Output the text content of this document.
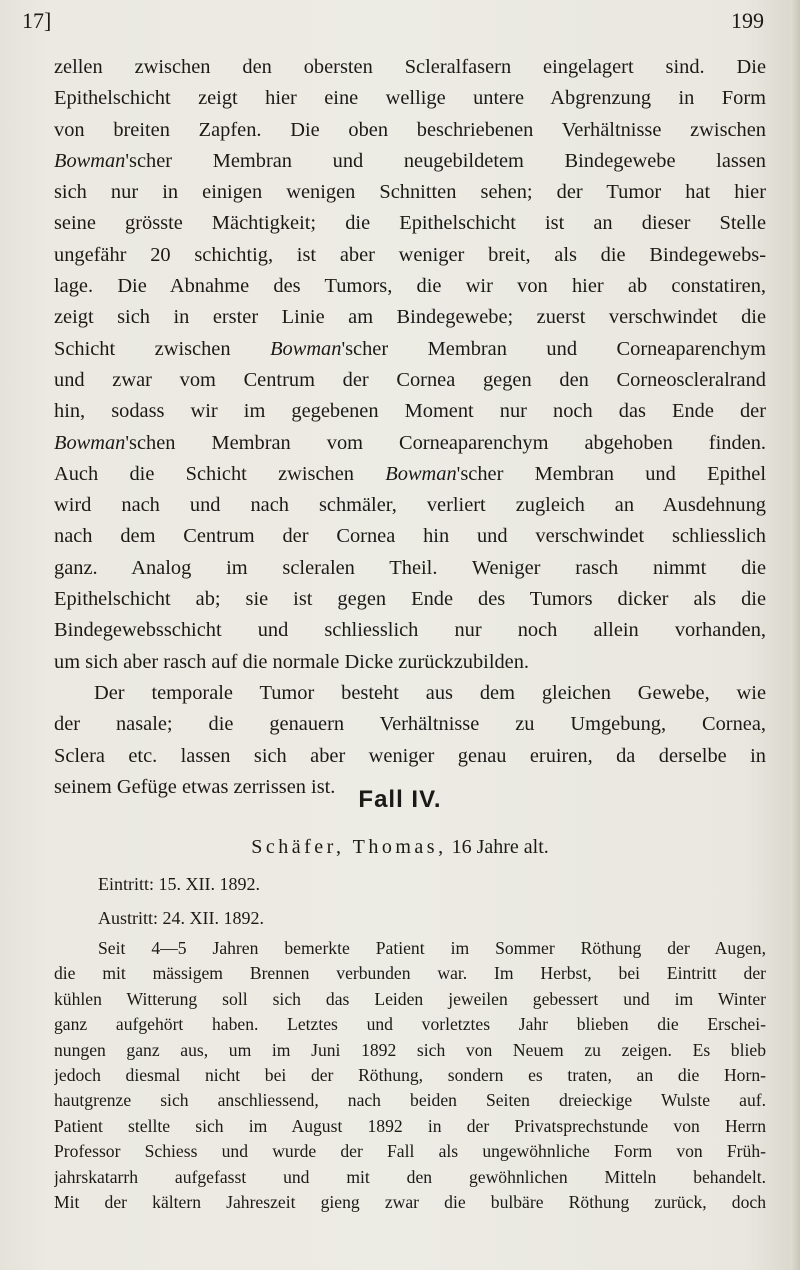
17]	199
zellen zwischen den obersten Scleralfasern eingelagert sind. Die
Epithelschicht zeigt hier eine wellige untere Abgrenzung in Form
von breiten Zapfen. Die oben beschriebenen Verhältnisse zwischen
Bowman'scher Membran und neugebildetem Bindegewebe lassen
sich nur in einigen wenigen Schnitten sehen; der Tumor hat hier
seine grösste Mächtigkeit; die Epithelschicht ist an dieser Stelle
ungefähr 20 schichtig, ist aber weniger breit, als die Bindegewebs-
lage. Die Abnahme des Tumors, die wir von hier ab constatiren,
zeigt sich in erster Linie am Bindegewebe; zuerst verschwindet die
Schicht zwischen Bowman'scher Membran und Corneaparenchym
und zwar vom Centrum der Cornea gegen den Corneoscleralrand
hin, sodass wir im gegebenen Moment nur noch das Ende der
Bowman'schen Membran vom Corneaparenchym abgehoben finden.
Auch die Schicht zwischen Bowman'scher Membran und Epithel
wird nach und nach schmäler, verliert zugleich an Ausdehnung
nach dem Centrum der Cornea hin und verschwindet schliesslich
ganz. Analog im scleralen Theil. Weniger rasch nimmt die
Epithelschicht ab; sie ist gegen Ende des Tumors dicker als die
Bindegewebsschicht und schliesslich nur noch allein vorhanden,
um sich aber rasch auf die normale Dicke zurückzubilden.
Der temporale Tumor besteht aus dem gleichen Gewebe, wie
der nasale; die genauern Verhältnisse zu Umgebung, Cornea,
Sclera etc. lassen sich aber weniger genau eruiren, da derselbe in
seinem Gefüge etwas zerrissen ist. Fall IV.
Schäfer, Thomas, 16 Jahre alt.
Eintritt: 15. XII. 1892.
Austritt: 24. XII. 1892.
Seit 4—5 Jahren bemerkte Patient im Sommer Röthung der Augen,
die mit mässigem Brennen verbunden war. Im Herbst, bei Eintritt der
kühlen Witterung soll sich das Leiden jeweilen gebessert und im Winter
ganz aufgehört haben. Letztes und vorletztes Jahr blieben die Erschei-
nungen ganz aus, um im Juni 1892 sich von Neuem zu zeigen. Es blieb
jedoch diesmal nicht bei der Röthung, sondern es traten, an die Horn-
hautgrenze sich anschliessend, nach beiden Seiten dreieckige Wulste auf.
Patient stellte sich im August 1892 in der Privatsprechstunde von Herrn
Professor Schiess und wurde der Fall als ungewöhnliche Form von Früh-
jahrskatarrh aufgefasst und mit den gewöhnlichen Mitteln behandelt.
Mit der kältern Jahreszeit gieng zwar die bulbäre Röthung zurück, doch
